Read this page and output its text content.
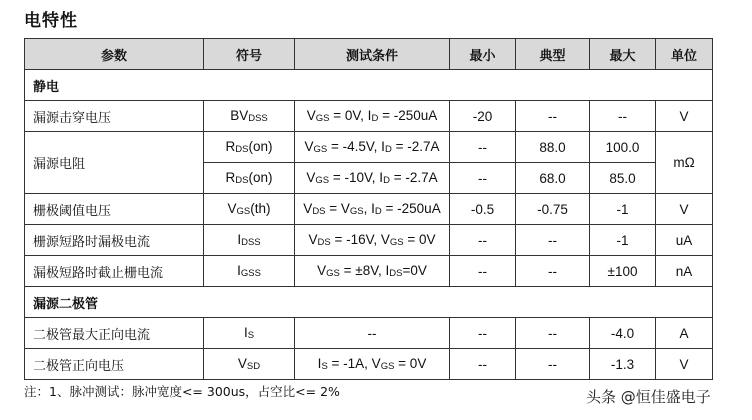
电特性
参数	符号	测试条件	最小	典型	最大	单位
静电						
漏源击穿电压	BVDSS	VGS = 0V, ID = -250uA	-20	--	--	V
漏源电阻	RDS(on)	VGS = -4.5V, ID = -2.7A	--	88.0	100.0	mΩ
	RDS(on)	VGS = -10V, ID = -2.7A	--	68.0	85.0	
栅极阈值电压	VGS(th)	VDS = VGS, ID = -250uA	-0.5	-0.75	-1	V
栅源短路时漏极电流	IDSS	VDS = -16V, VGS = 0V	--	--	-1	uA
漏极短路时截止栅电流	IGSS	VGS = ±8V, IDS=0V	--	--	±100	nA
漏源二极管						
二极管最大正向电流	IS	--	--	--	-4.0	A
二极管正向电压	VSD	IS = -1A, VGS = 0V	--	--	-1.3	V
注：1、脉冲测试：脉冲宽度<= 300us，占空比<= 2%	头条 @恒佳盛电子
